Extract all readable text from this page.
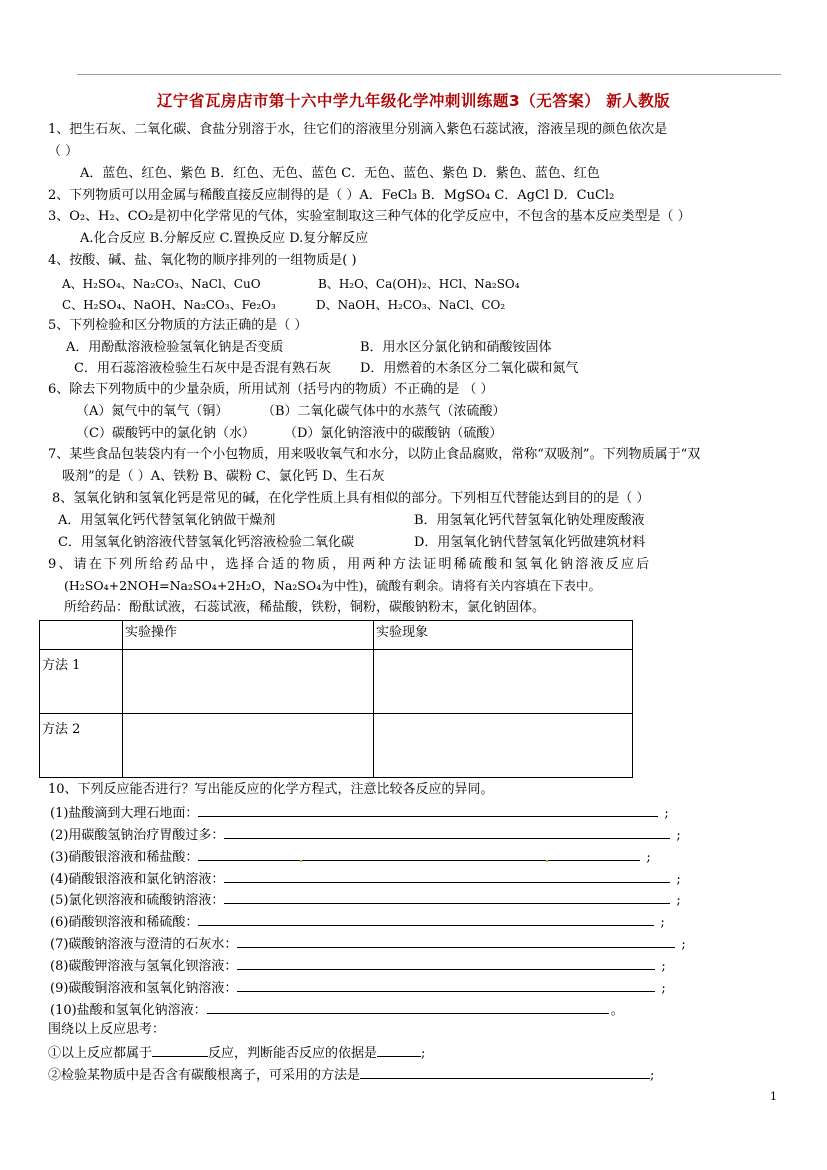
辽宁省瓦房店市第十六中学九年级化学冲刺训练题3（无答案） 新人教版
1、把生石灰、二氧化碳、食盐分别溶于水，往它们的溶液里分别滴入紫色石蕊试液，溶液呈现的颜色依次是
（ ）
A．蓝色、红色、紫色 B．红色、无色、蓝色 C．无色、蓝色、紫色 D．紫色、蓝色、红色
2、下列物质可以用金属与稀酸直接反应制得的是（ ）A．FeCl₃ B．MgSO₄ C．AgCl D．CuCl₂
3、O₂、H₂、CO₂是初中化学常见的气体，实验室制取这三种气体的化学反应中，不包含的基本反应类型是（ ）
A.化合反应 B.分解反应 C.置换反应 D.复分解反应
4、按酸、碱、盐、氧化物的顺序排列的一组物质是( )
A、H₂SO₄、Na₂CO₃、NaCl、CuO	B、H₂O、Ca(OH)₂、HCl、Na₂SO₄
C、H₂SO₄、NaOH、Na₂CO₃、Fe₂O₃	D、NaOH、H₂CO₃、NaCl、CO₂
5、下列检验和区分物质的方法正确的是（ ）
A．用酚酞溶液检验氢氧化钠是否变质	B．用水区分氯化钠和硝酸铵固体
C．用石蕊溶液检验生石灰中是否混有熟石灰 D．用燃着的木条区分二氧化碳和氮气
6、除去下列物质中的少量杂质，所用试剂（括号内的物质）不正确的是 （ ）
（A）氮气中的氧气（铜）	（B）二氧化碳气体中的水蒸气（浓硫酸）
（C）碳酸钙中的氯化钠（水） （D）氯化钠溶液中的碳酸钠（硫酸）
7、某些食品包装袋内有一个小包物质，用来吸收氧气和水分，以防止食品腐败，常称“双吸剂”。下列物质属于“双
吸剂”的是（ ）A、铁粉 B、碳粉 C、氯化钙 D、生石灰
8、氢氧化钠和氢氧化钙是常见的碱，在化学性质上具有相似的部分。下列相互代替能达到目的的是（ ）
A．用氢氧化钙代替氢氧化钠做干燥剂	B．用氢氧化钙代替氢氧化钠处理废酸液
C．用氢氧化钠溶液代替氢氧化钙溶液检验二氧化碳	D．用氢氧化钠代替氢氧化钙做建筑材料
9、请在下列所给药品中，选择合适的物质，用两种方法证明稀硫酸和氢氧化钠溶液反应后
(H₂SO₄+2NOH=Na₂SO₄+2H₂O，Na₂SO₄为中性)，硫酸有剩余。请将有关内容填在下表中。
所给药品：酚酞试液，石蕊试液，稀盐酸，铁粉，铜粉，碳酸钠粉末，氯化钠固体。
	实验操作	实验现象
方法 1		
方法 2		
10、下列反应能否进行？写出能反应的化学方程式，注意比较各反应的异同。
(1)盐酸滴到大理石地面：	;
(2)用碳酸氢钠治疗胃酸过多：	;
(3)硝酸银溶液和稀盐酸：	;
(4)硝酸银溶液和氯化钠溶液：	;
(5)氯化钡溶液和硫酸钠溶液：	;
(6)硝酸钡溶液和稀硫酸：	;
(7)碳酸钠溶液与澄清的石灰水：	;
(8)碳酸钾溶液与氢氧化钡溶液：	;
(9)碳酸铜溶液和氢氧化钠溶液：	;
(10)盐酸和氢氧化钠溶液：	。
围绕以上反应思考：
①以上反应都属于	反应，判断能否反应的依据是	;
②检验某物质中是否含有碳酸根离子，可采用的方法是	;
1
